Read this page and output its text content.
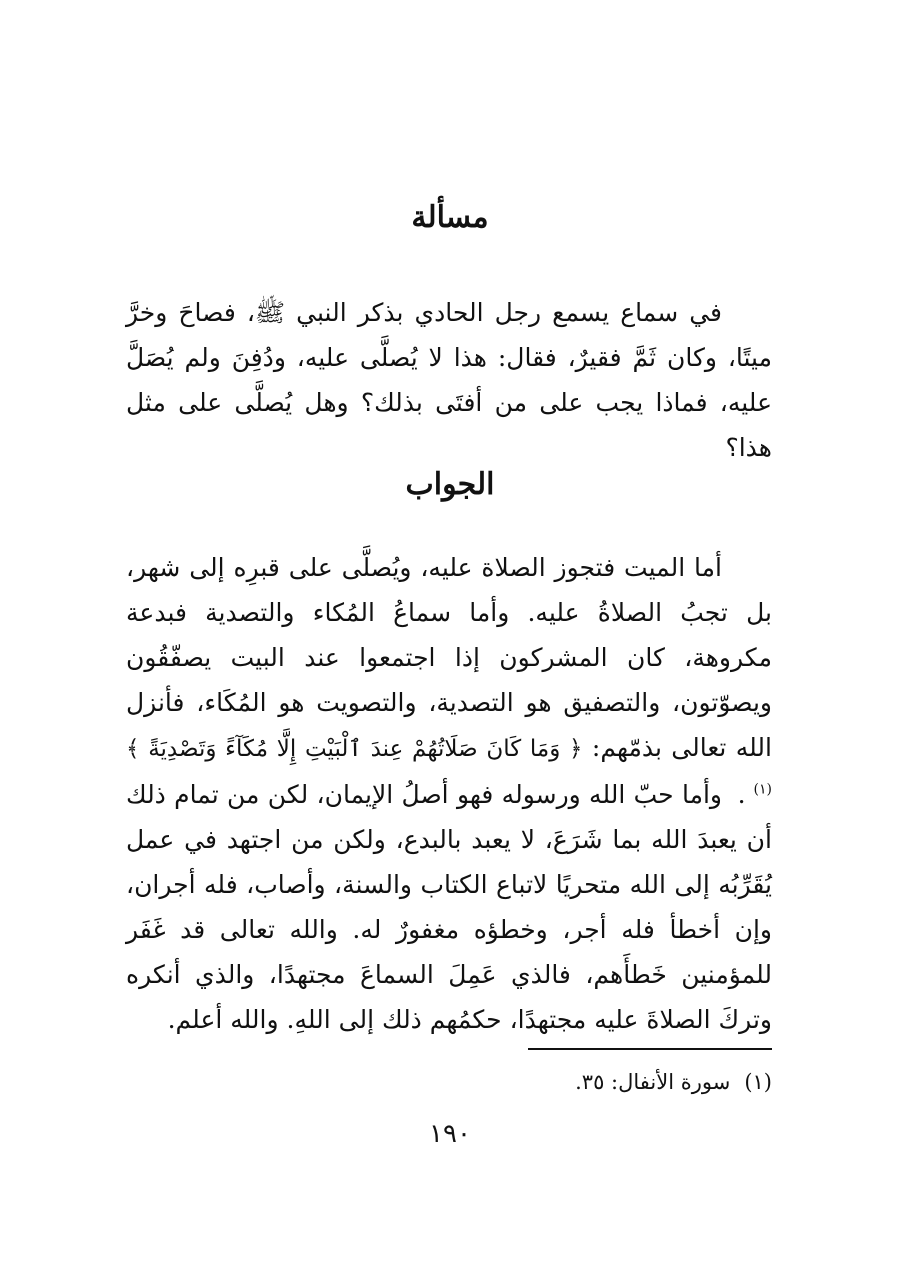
مسألة

  في سماع يسمع رجل الحادي بذكر النبي ﷺ، فصاحَ وخرَّ ميتًا، وكان ثَمَّ فقيرٌ، فقال: هذا لا يُصلَّى عليه، ودُفِنَ ولم يُصَلَّ عليه، فماذا يجب على من أفتَى بذلك؟ وهل يُصلَّى على مثل هذا؟

الجواب

  أما الميت فتجوز الصلاة عليه، ويُصلَّى على قبرِه إلى شهر، بل تجبُ الصلاةُ عليه. وأما سماعُ المُكاء والتصدية فبدعة مكروهة، كان المشركون إذا اجتمعوا عند البيت يصفّقُون ويصوّتون، والتصفيق هو التصدية، والتصويت هو المُكَاء، فأنزل الله تعالى بذمّهم: ﴿ وَمَا كَانَ صَلَاتُهُمْ عِندَ ٱلْبَيْتِ إِلَّا مُكَآءً وَتَصْدِيَةً ﴾$^{(١)}$ .

  وأما حبّ الله ورسوله فهو أصلُ الإيمان، لكن من تمام ذلك أن يعبدَ الله بما شَرَعَ، لا يعبد بالبدع، ولكن من اجتهد في عمل يُقَرِّبُه إلى الله متحريًا لاتباع الكتاب والسنة، وأصاب، فله أجران، وإن أخطأ فله أجر، وخطؤه مغفورٌ له. والله تعالى قد غَفَر للمؤمنين خَطأَهم، فالذي عَمِلَ السماعَ مجتهدًا، والذي أنكره وتركَ الصلاةَ عليه مجتهدًا، حكمُهم ذلك إلى اللهِ. والله أعلم.

(١)سورة الأنفال: ٣٥.

١٩٠
